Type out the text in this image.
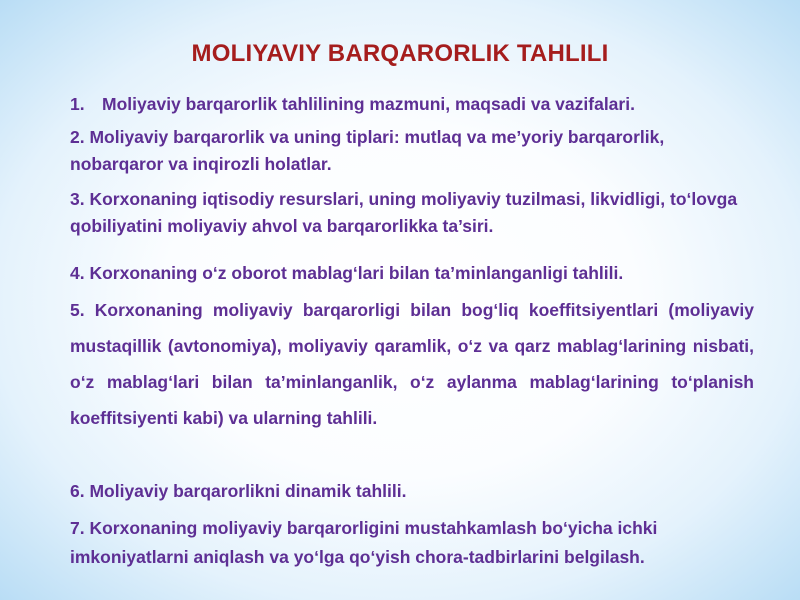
MOLIYAVIY BARQARORLIK TAHLILI

1. Moliyaviy barqarorlik tahlilining mazmuni, maqsadi va vazifalari.

2. Moliyaviy barqarorlik va uning tiplari: mutlaq va me’yoriy barqarorlik, nobarqaror va inqirozli holatlar.

3. Korxonaning iqtisodiy resurslari, uning moliyaviy tuzilmasi, likvidligi, to‘lovga qobiliyatini moliyaviy ahvol va barqarorlikka ta’siri.

4. Korxonaning o‘z oborot mablag‘lari bilan ta’minlanganligi tahlili.

5. Korxonaning moliyaviy barqarorligi bilan bog‘liq koeffitsiyentlari (moliyaviy mustaqillik (avtonomiya), moliyaviy qaramlik, o‘z va qarz mablag‘larining nisbati, o‘z mablag‘lari bilan ta’minlanganlik, o‘z aylanma mablag‘larining to‘planish koeffitsiyenti kabi) va ularning tahlili.

6. Moliyaviy barqarorlikni dinamik tahlili.

7. Korxonaning moliyaviy barqarorligini mustahkamlash bo‘yicha ichki imkoniyatlarni aniqlash va yo‘lga qo‘yish chora-tadbirlarini belgilash.
